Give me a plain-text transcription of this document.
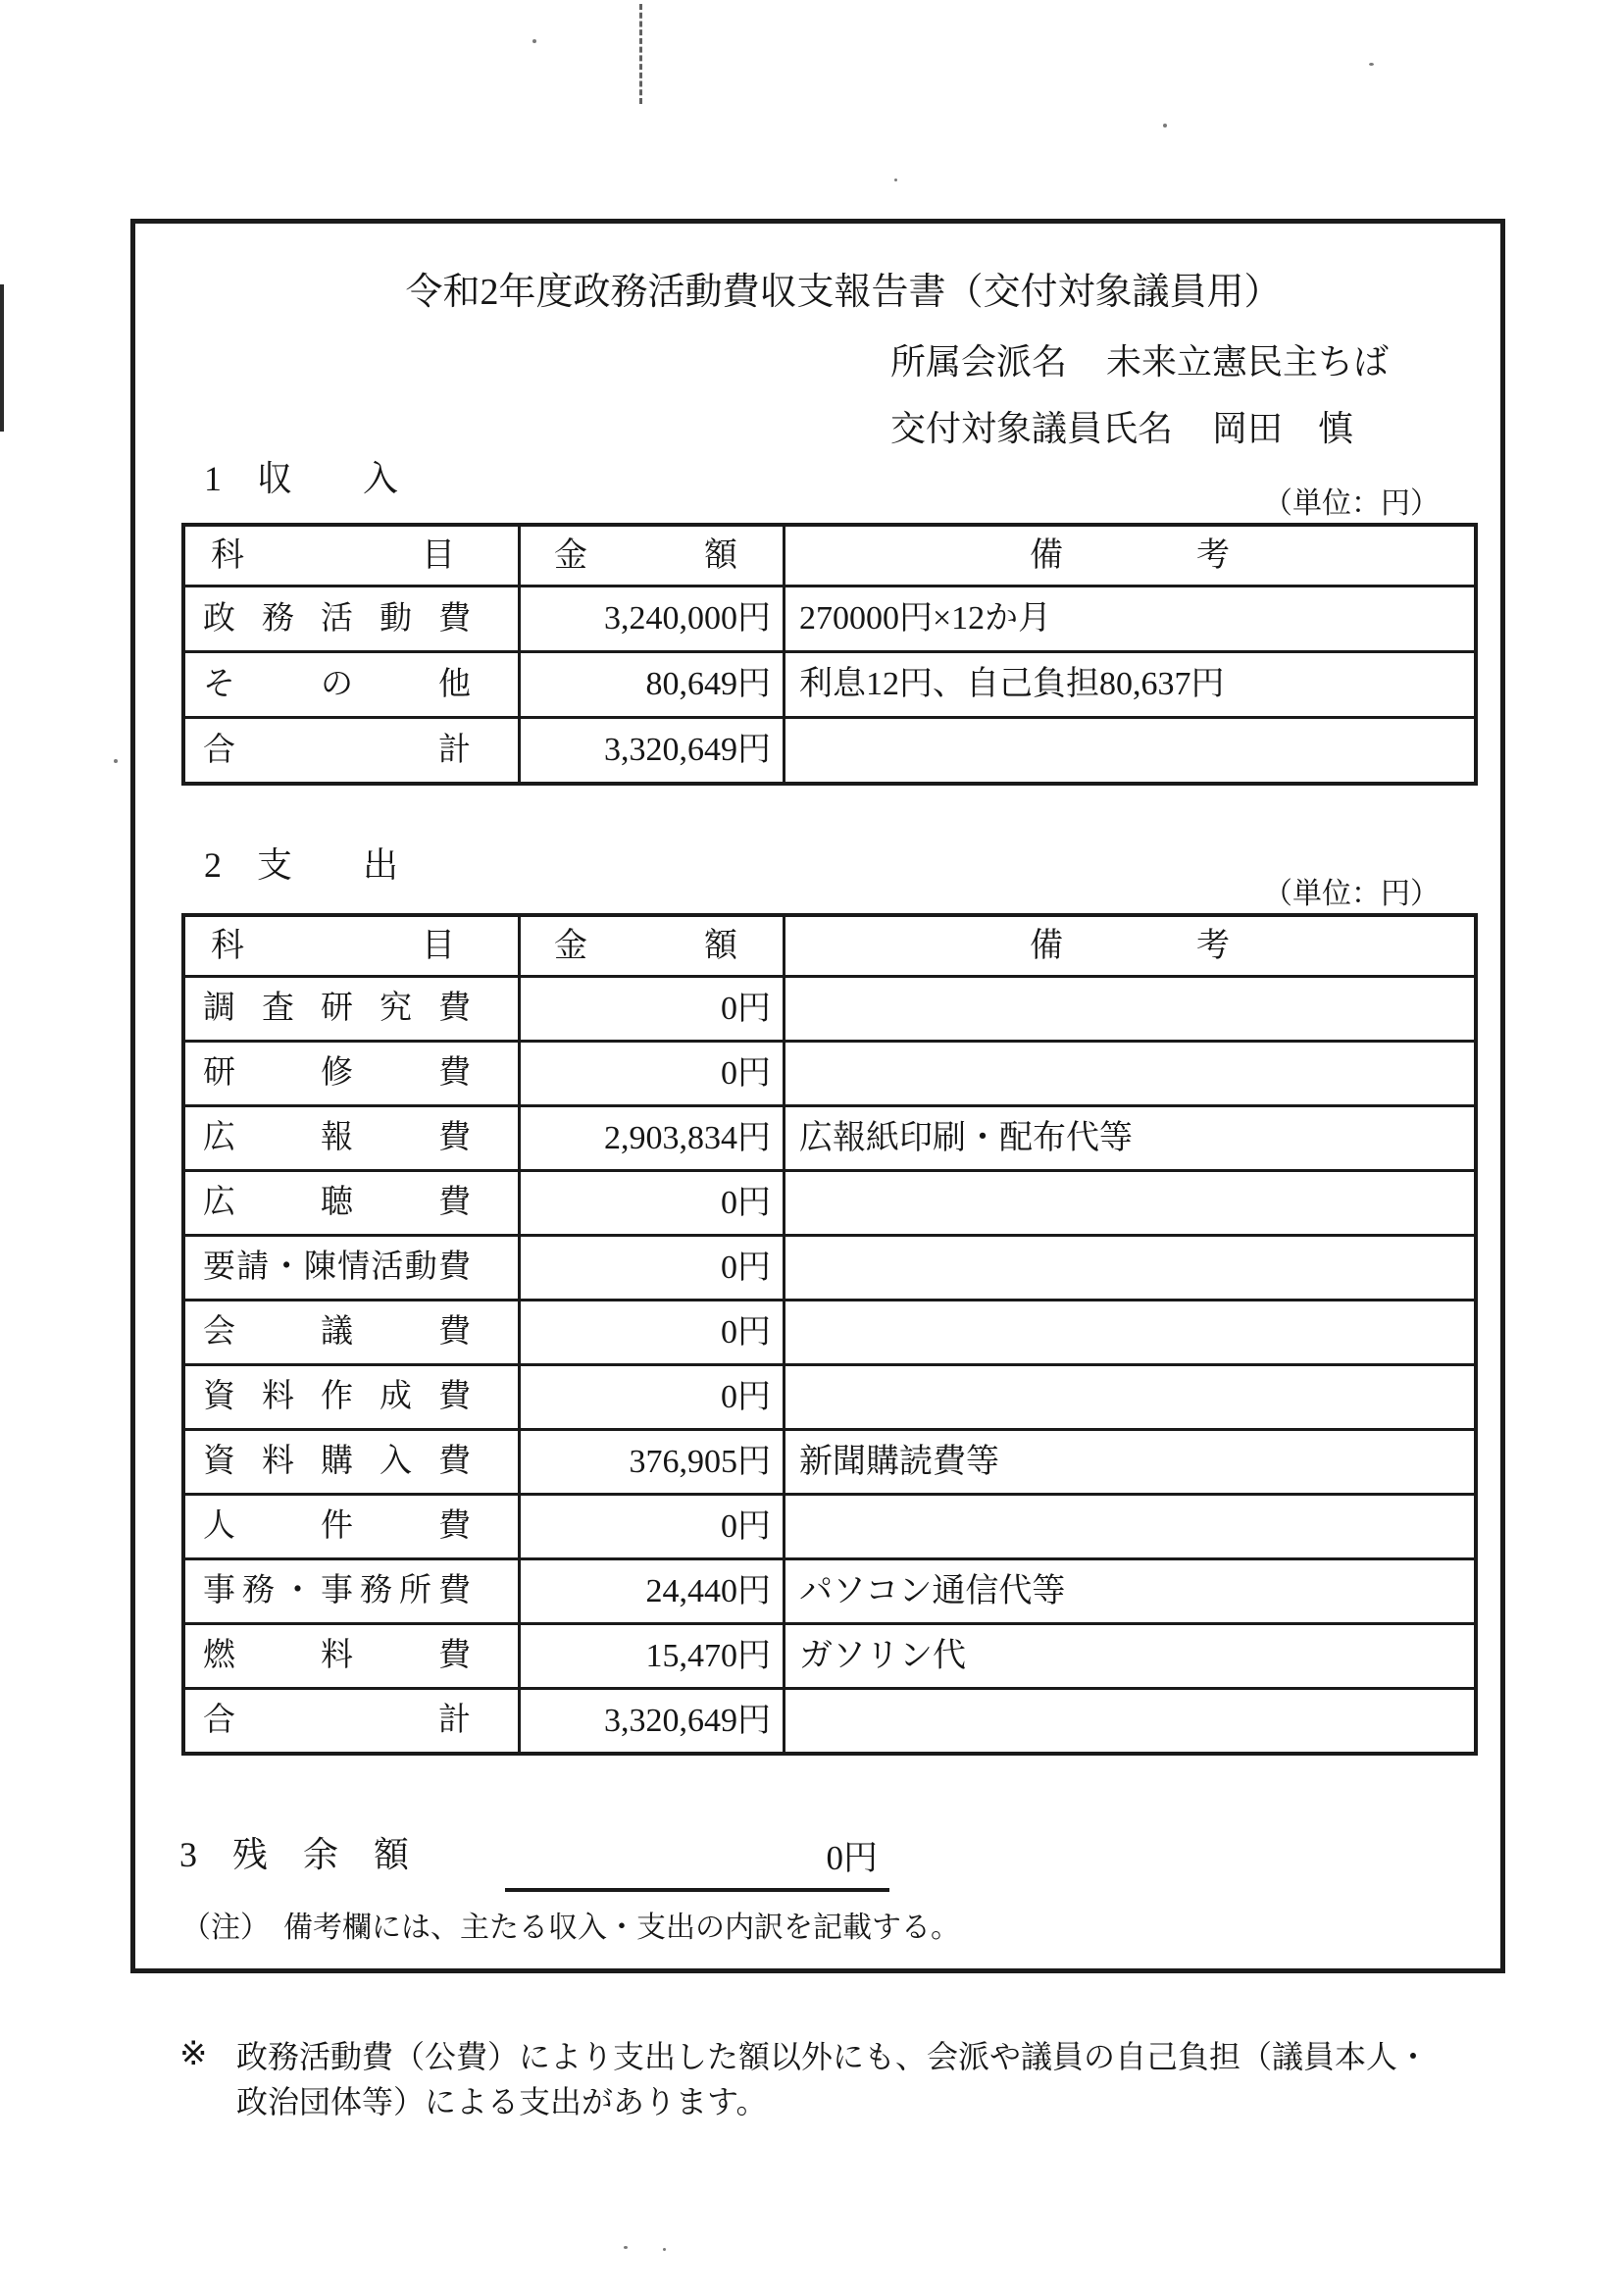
令和2年度政務活動費収支報告書（交付対象議員用）
所属会派名 未来立憲民主ちば
交付対象議員氏名 岡田　慎
1　収　　入
（単位：円）
科目	金額	備考
政務活動費	3,240,000円 270000円×12か月
その他	80,649円 利息12円、自己負担80,637円
合計	3,320,649円
2　支　　出
（単位：円）
科目	金額	備考
調査研究費	0円
研修費	0円
広報費	2,903,834円 広報紙印刷・配布代等
広聴費	0円
要請・陳情活動費	0円
会議費	0円
資料作成費	0円
資料購入費	376,905円 新聞購読費等
人件費	0円
事務・事務所費	24,440円 パソコン通信代等
燃料費	15,470円 ガソリン代
合計	3,320,649円
3　残　余　額	0円
（注） 備考欄には、主たる収入・支出の内訳を記載する。
※ 政務活動費（公費）により支出した額以外にも、会派や議員の自己負担（議員本人・
政治団体等）による支出があります。
